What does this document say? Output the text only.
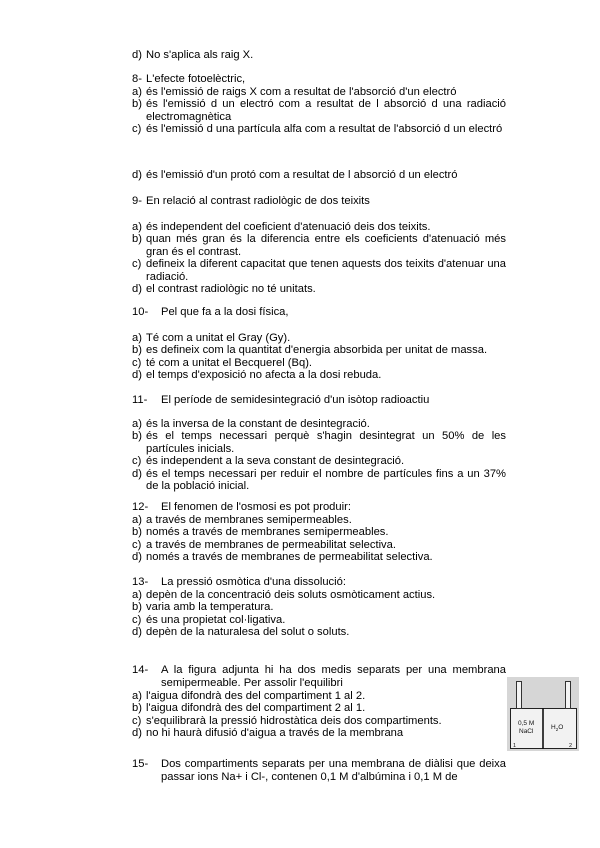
d) No s'aplica als raig X.

8- L'efecte fotoelèctric,

a) és l'emissió de raigs X com a resultat de l'absorció d'un electró

b) és l'emissió d un electró com a resultat de l absorció d una radiació electromagnètica

c) és l'emissió d una partícula alfa com a resultat de l'absorció d un electró

d) és l'emissió d'un protó com a resultat de l absorció d un electró

9- En relació al contrast radiològic de dos teixits

a) és independent del coeficient d'atenuació deis dos teixits.

b) quan més gran és la diferencia entre els coeficients d'atenuació més gran és el contrast.

c) defineix la diferent capacitat que tenen aquests dos teixits d'atenuar una radiació.

d) el contrast radiològic no té unitats.

10-	Pel que fa a la dosi física,

a) Té com a unitat el Gray (Gy).

b) es defineix com la quantitat d'energia absorbida per unitat de massa.

c) té com a unitat el Becquerel (Bq).

d) el temps d'exposició no afecta a la dosi rebuda.

11-	El període de semidesintegració d'un isòtop radioactiu

a) és la inversa de la constant de desintegració.

b) és el temps necessari perquè s'hagin desintegrat un 50% de les partícules inicials.

c) és independent a la seva constant de desintegració.

d) és el temps necessari per reduir el nombre de partícules fins a un 37% de la població inicial.

12-	El fenomen de l'osmosi es pot produir:

a) a través de membranes semipermeables.

b) només a través de membranes semipermeables.

c) a través de membranes de permeabilitat selectiva.

d) només a través de membranes de permeabilitat selectiva.

13-	La pressió osmòtica d'una dissolució:

a) depèn de la concentració deis soluts osmòticament actius.

b) varia amb la temperatura.

c) és una propietat col·ligativa.

d) depèn de la naturalesa del solut o soluts.

14-	A la figura adjunta hi ha dos medis separats per una membrana semipermeable. Per assolir l'equilibri

a) l'aigua difondrà des del compartiment 1 al 2.

b) l'aigua difondrà des del compartiment 2 al 1.

c) s'equilibrarà la pressió hidrostàtica deis dos compartiments.

d) no hi haurà difusió d'aigua a través de la membrana

0,5 M
NaCl
$H_2O$
1	2

15-	Dos compartiments separats per una membrana de diàlisi que deixa passar ions Na+ i Cl-, contenen 0,1 M d'albúmina i 0,1 M de
